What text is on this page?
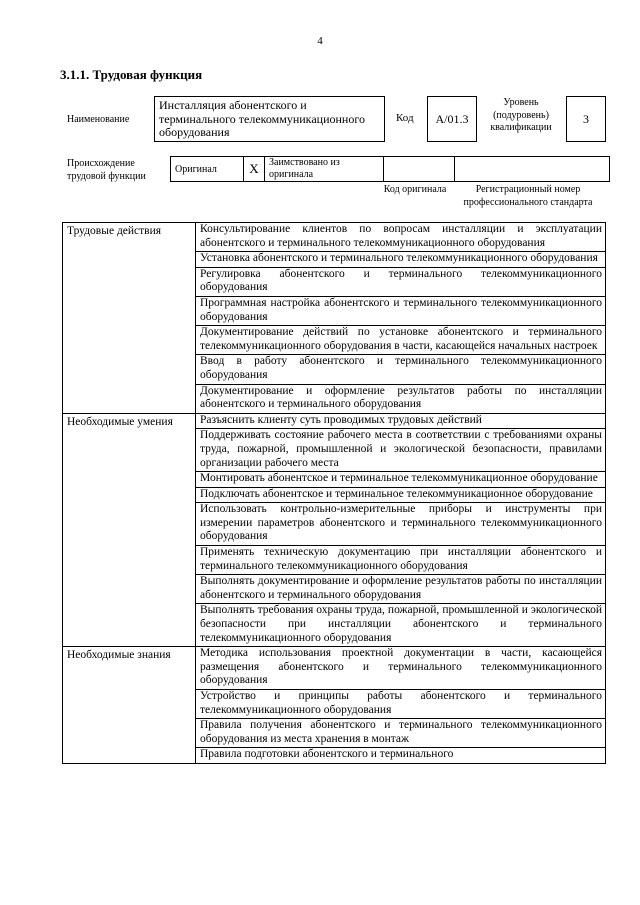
4
3.1.1. Трудовая функция
Наименование
Инсталляция абонентского и терминального телекоммуникационного оборудования
Код A/01.3
Уровень (подуровень) квалификации
3
Происхождение трудовой функции
Оригинал	X	Заимствовано из оригинала		
Код оригинала	Регистрационный номер профессионального стандарта
Трудовые действия	Консультирование клиентов по вопросам инсталляции и эксплуатации абонентского и терминального телекоммуникационного оборудования
	Установка абонентского и терминального телекоммуникационного оборудования
	Регулировка абонентского и терминального телекоммуникационного оборудования
	Программная настройка абонентского и терминального телекоммуникационного оборудования
	Документирование действий по установке абонентского и терминального телекоммуникационного оборудования в части, касающейся начальных настроек
	Ввод в работу абонентского и терминального телекоммуникационного оборудования
	Документирование и оформление результатов работы по инсталляции абонентского и терминального оборудования
Необходимые умения	Разъяснить клиенту суть проводимых трудовых действий
	Поддерживать состояние рабочего места в соответствии с требованиями охраны труда, пожарной, промышленной и экологической безопасности, правилами организации рабочего места
	Монтировать абонентское и терминальное телекоммуникационное оборудование
	Подключать абонентское и терминальное телекоммуникационное оборудование
	Использовать контрольно-измерительные приборы и инструменты при измерении параметров абонентского и терминального телекоммуникационного оборудования
	Применять техническую документацию при инсталляции абонентского и терминального телекоммуникационного оборудования
	Выполнять документирование и оформление результатов работы по инсталляции абонентского и терминального оборудования
	Выполнять требования охраны труда, пожарной, промышленной и экологической безопасности при инсталляции абонентского и терминального телекоммуникационного оборудования
Необходимые знания	Методика использования проектной документации в части, касающейся размещения абонентского и терминального телекоммуникационного оборудования
	Устройство и принципы работы абонентского и терминального телекоммуникационного оборудования
	Правила получения абонентского и терминального телекоммуникационного оборудования из места хранения в монтаж
	Правила подготовки абонентского и терминального
